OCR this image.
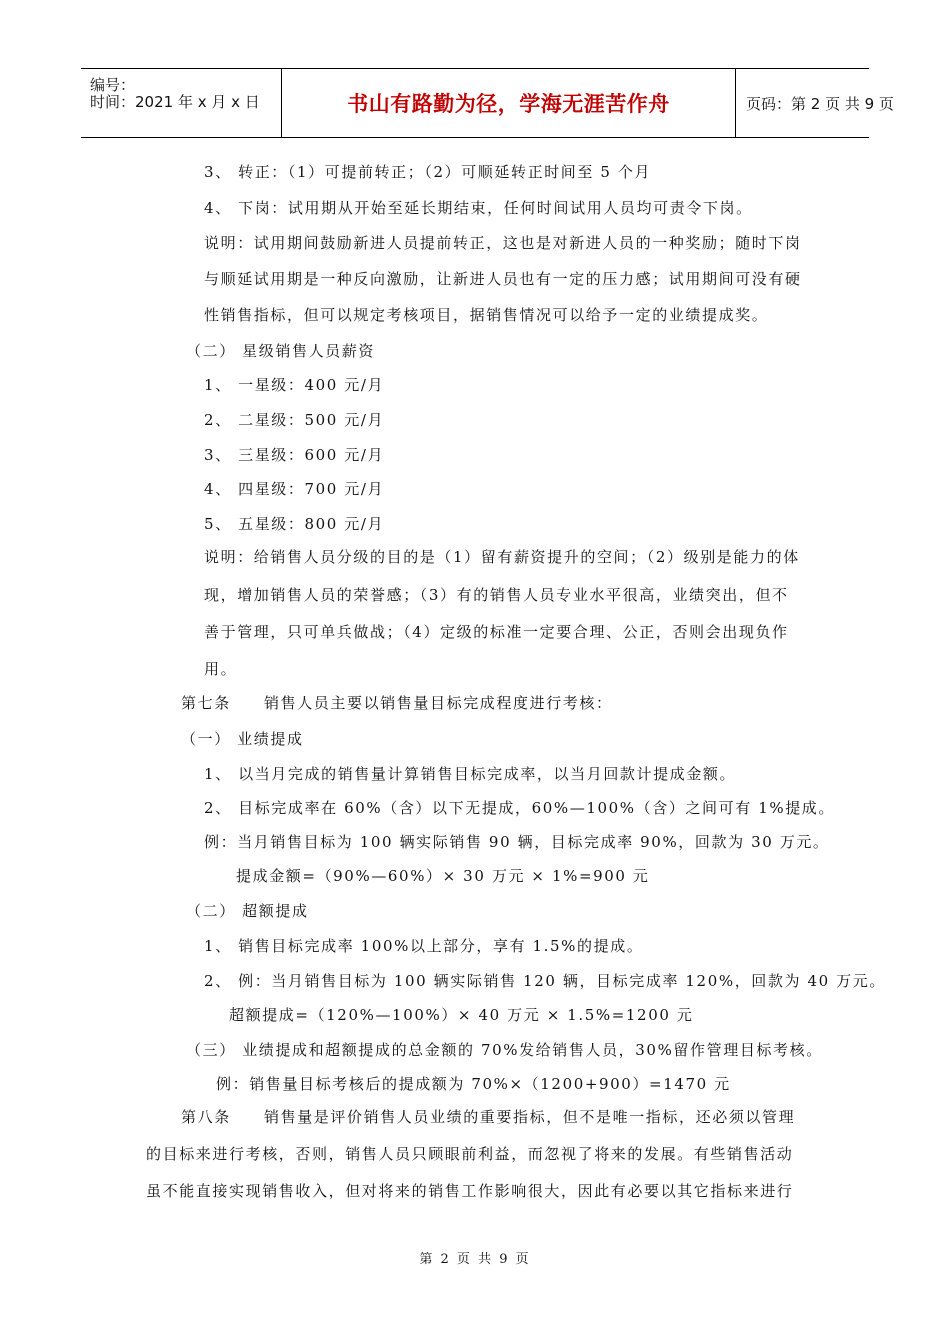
编号：
时间：2021 年 x 月 x 日	书山有路勤为径，学海无涯苦作舟	页码：第 2 页 共 9 页
3、 转正：（1）可提前转正；（2）可顺延转正时间至 5 个月
4、 下岗：试用期从开始至延长期结束，任何时间试用人员均可责令下岗。
说明：试用期间鼓励新进人员提前转正，这也是对新进人员的一种奖励；随时下岗
与顺延试用期是一种反向激励，让新进人员也有一定的压力感；试用期间可没有硬
性销售指标，但可以规定考核项目，据销售情况可以给予一定的业绩提成奖。
（二） 星级销售人员薪资
1、 一星级：400 元/月
2、 二星级：500 元/月
3、 三星级：600 元/月
4、 四星级：700 元/月
5、 五星级：800 元/月
说明：给销售人员分级的目的是（1）留有薪资提升的空间；（2）级别是能力的体
现，增加销售人员的荣誉感；（3）有的销售人员专业水平很高，业绩突出，但不
善于管理，只可单兵做战；（4）定级的标准一定要合理、公正，否则会出现负作
用。
第七条　　销售人员主要以销售量目标完成程度进行考核：
（一） 业绩提成
1、 以当月完成的销售量计算销售目标完成率，以当月回款计提成金额。
2、 目标完成率在 60%（含）以下无提成，60%—100%（含）之间可有 1%提成。
例：当月销售目标为 100 辆实际销售 90 辆，目标完成率 90%，回款为 30 万元。
提成金额=（90%—60%）× 30 万元 × 1%=900 元
（二） 超额提成
1、 销售目标完成率 100%以上部分，享有 1.5%的提成。
2、 例：当月销售目标为 100 辆实际销售 120 辆，目标完成率 120%，回款为 40 万元。
超额提成=（120%—100%）× 40 万元 × 1.5%=1200 元
（三） 业绩提成和超额提成的总金额的 70%发给销售人员，30%留作管理目标考核。
例：销售量目标考核后的提成额为 70%×（1200+900）=1470 元
第八条　　销售量是评价销售人员业绩的重要指标，但不是唯一指标，还必须以管理
的目标来进行考核，否则，销售人员只顾眼前利益，而忽视了将来的发展。有些销售活动
虽不能直接实现销售收入，但对将来的销售工作影响很大，因此有必要以其它指标来进行
第 2 页 共 9 页
